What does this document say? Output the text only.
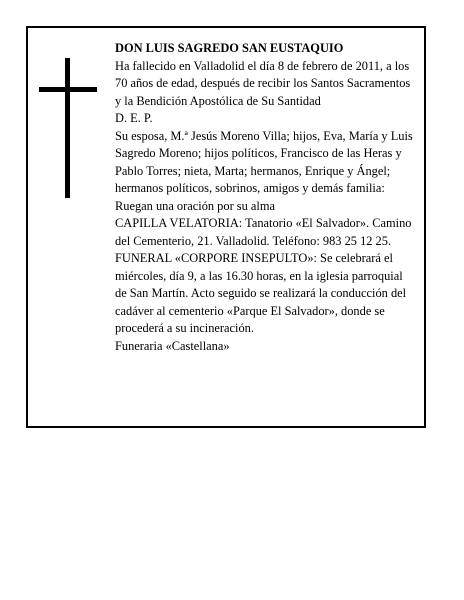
DON LUIS SAGREDO SAN EUSTAQUIO

Ha fallecido en Valladolid el día 8 de febrero de 2011, a los 70 años de edad, después de recibir los Santos Sacramentos y la Bendición Apostólica de Su Santidad

D. E. P.

Su esposa, M.ª Jesús Moreno Villa; hijos, Eva, María y Luis Sagredo Moreno; hijos políticos, Francisco de las Heras y Pablo Torres; nieta, Marta; hermanos, Enrique y Ángel; hermanos políticos, sobrinos, amigos y demás familia:

Ruegan una oración por su alma

CAPILLA VELATORIA: Tanatorio «El Salvador». Camino del Cementerio, 21. Valladolid. Teléfono: 983 25 12 25.

FUNERAL «CORPORE INSEPULTO»: Se celebrará el miércoles, día 9, a las 16.30 horas, en la iglesia parroquial de San Martín. Acto seguido se realizará la conducción del cadáver al cementerio «Parque El Salvador», donde se procederá a su incineración.

Funeraria «Castellana»
